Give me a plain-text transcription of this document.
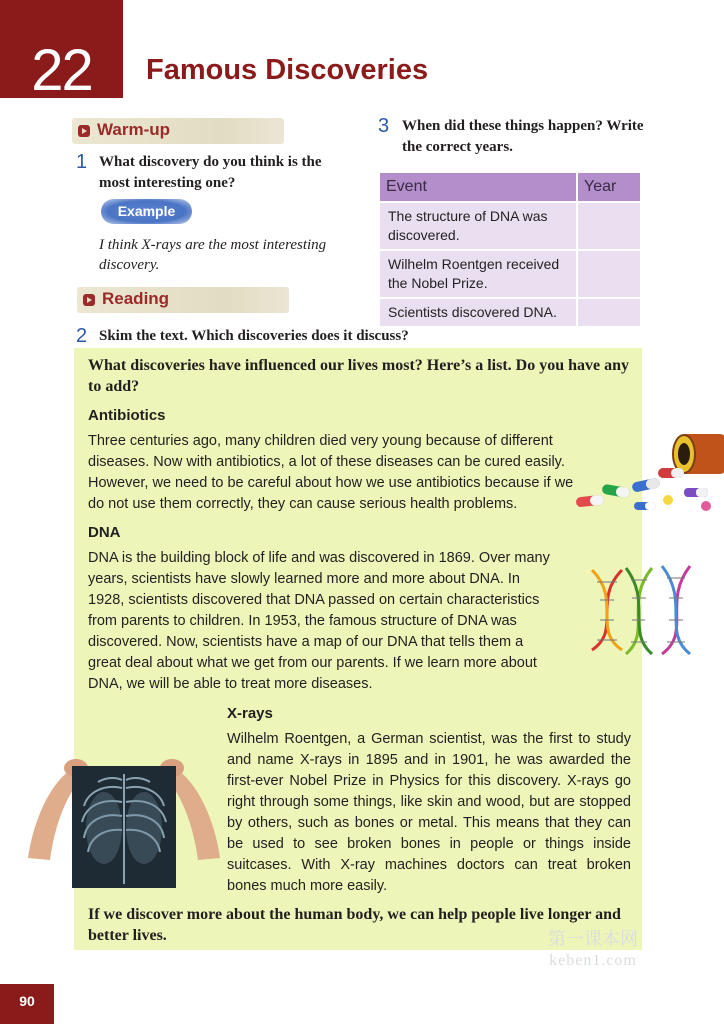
22	Famous Discoveries
Warm-up
1 What discovery do you think is the most interesting one?
Example
I think X-rays are the most interesting discovery.
Reading
3 When did these things happen? Write the correct years.
Event	Year
The structure of DNA was discovered.	
Wilhelm Roentgen received the Nobel Prize.	
Scientists discovered DNA.	
2 Skim the text. Which discoveries does it discuss?
What discoveries have influenced our lives most? Here’s a list. Do you have any to add?
Antibiotics
Three centuries ago, many children died very young because of different diseases. Now with antibiotics, a lot of these diseases can be cured easily. However, we need to be careful about how we use antibiotics because if we do not use them correctly, they can cause serious health problems.
DNA
DNA is the building block of life and was discovered in 1869. Over many years, scientists have slowly learned more and more about DNA. In 1928, scientists discovered that DNA passed on certain characteristics from parents to children. In 1953, the famous structure of DNA was discovered. Now, scientists have a map of our DNA that tells them a great deal about what we get from our parents. If we learn more about DNA, we will be able to treat more diseases.
X-rays
Wilhelm Roentgen, a German scientist, was the first to study and name X-rays in 1895 and in 1901, he was awarded the first-ever Nobel Prize in Physics for this discovery. X-rays go right through some things, like skin and wood, but are stopped by others, such as bones or metal. This means that they can be used to see broken bones in people or things inside suitcases. With X-ray machines doctors can treat broken bones much more easily.
If we discover more about the human body, we can help people live longer and better lives.
90
第一课本网
keben1.com
